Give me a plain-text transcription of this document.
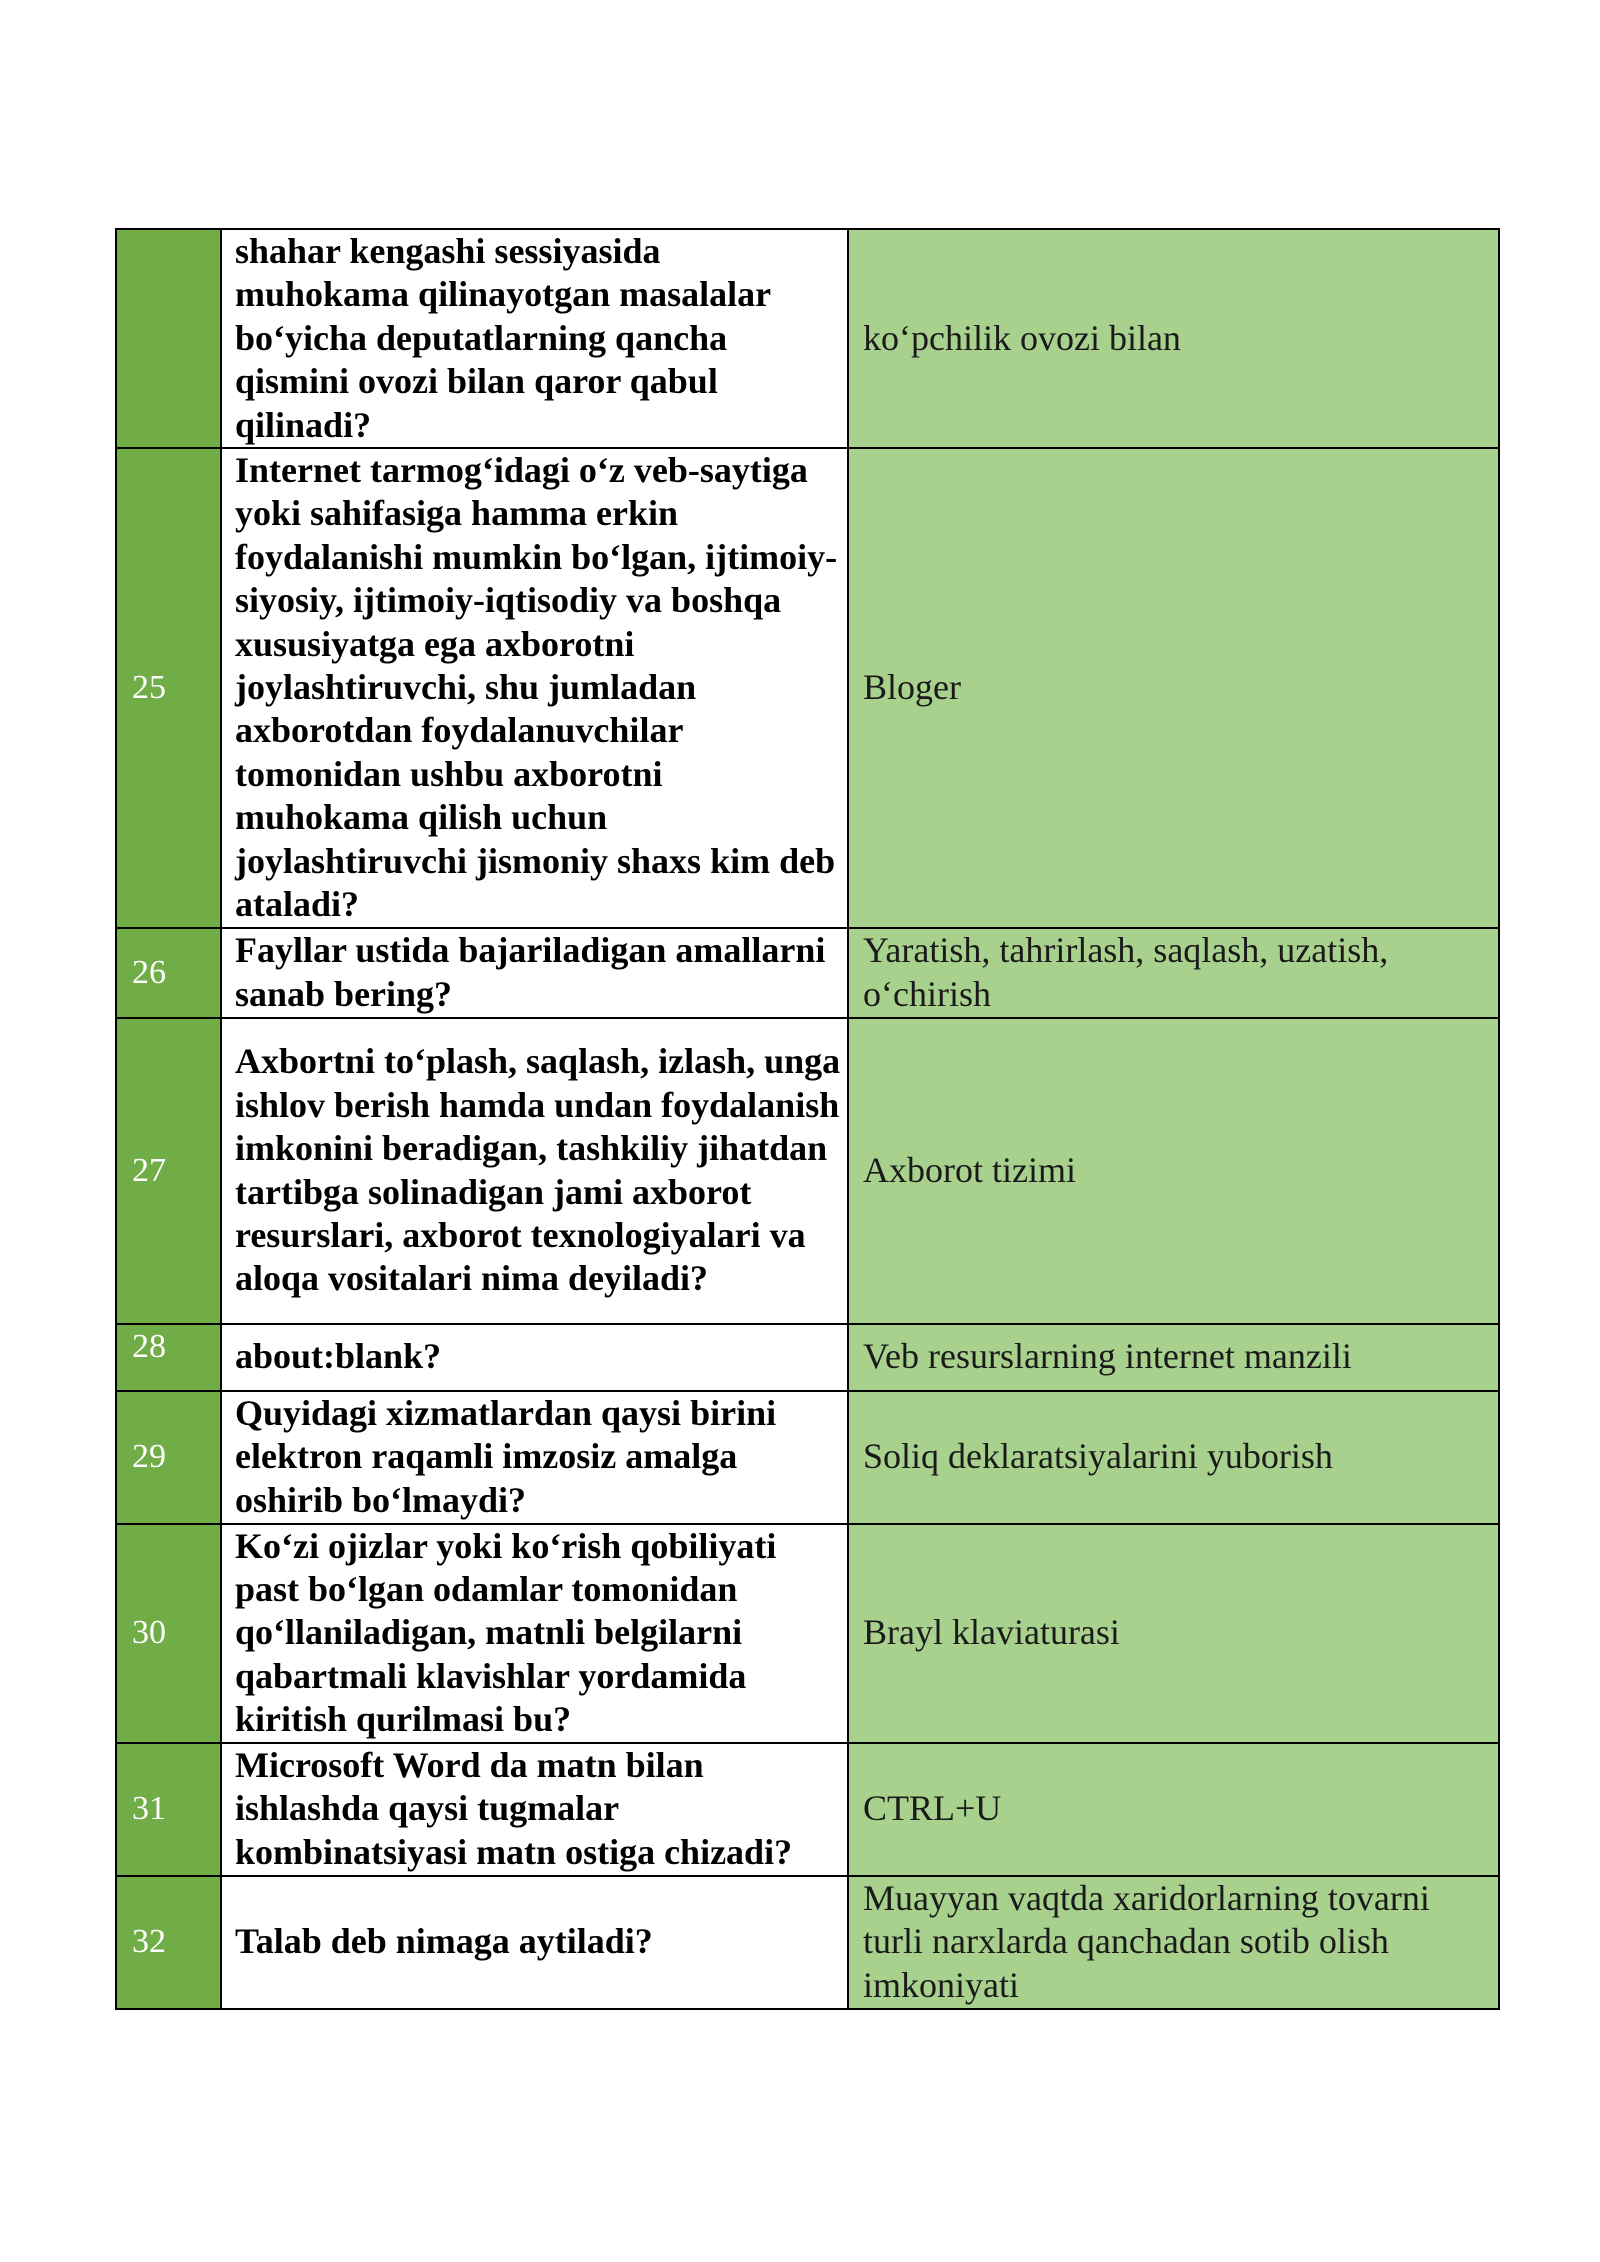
	shahar kengashi sessiyasida muhokama qilinayotgan masalalar bo‘yicha deputatlarning qancha qismini ovozi bilan qaror qabul qilinadi?	ko‘pchilik ovozi bilan
25	Internet tarmog‘idagi o‘z veb-saytiga yoki sahifasiga hamma erkin foydalanishi mumkin bo‘lgan, ijtimoiy-siyosiy, ijtimoiy-iqtisodiy va boshqa xususiyatga ega axborotni joylashtiruvchi, shu jumladan axborotdan foydalanuvchilar tomonidan ushbu axborotni muhokama qilish uchun joylashtiruvchi jismoniy shaxs kim deb ataladi?	Bloger
26	Fayllar ustida bajariladigan amallarni sanab bering?	Yaratish, tahrirlash, saqlash, uzatish, o‘chirish
27	Axbortni to‘plash, saqlash, izlash, unga ishlov berish hamda undan foydalanish imkonini beradigan, tashkiliy jihatdan tartibga solinadigan jami axborot resurslari, axborot texnologiyalari va aloqa vositalari nima deyiladi?	Axborot tizimi
28	about:blank?	Veb resurslarning internet manzili
29	Quyidagi xizmatlardan qaysi birini elektron raqamli imzosiz amalga oshirib bo‘lmaydi?	Soliq deklaratsiyalarini yuborish
30	Ko‘zi ojizlar yoki ko‘rish qobiliyati past bo‘lgan odamlar tomonidan qo‘llaniladigan, matnli belgilarni qabartmali klavishlar yordamida kiritish qurilmasi bu?	Brayl klaviaturasi
31	Microsoft Word da matn bilan ishlashda qaysi tugmalar kombinatsiyasi matn ostiga chizadi?	CTRL+U
32	Talab deb nimaga aytiladi?	Muayyan vaqtda xaridorlarning tovarni turli narxlarda qanchadan sotib olish imkoniyati
